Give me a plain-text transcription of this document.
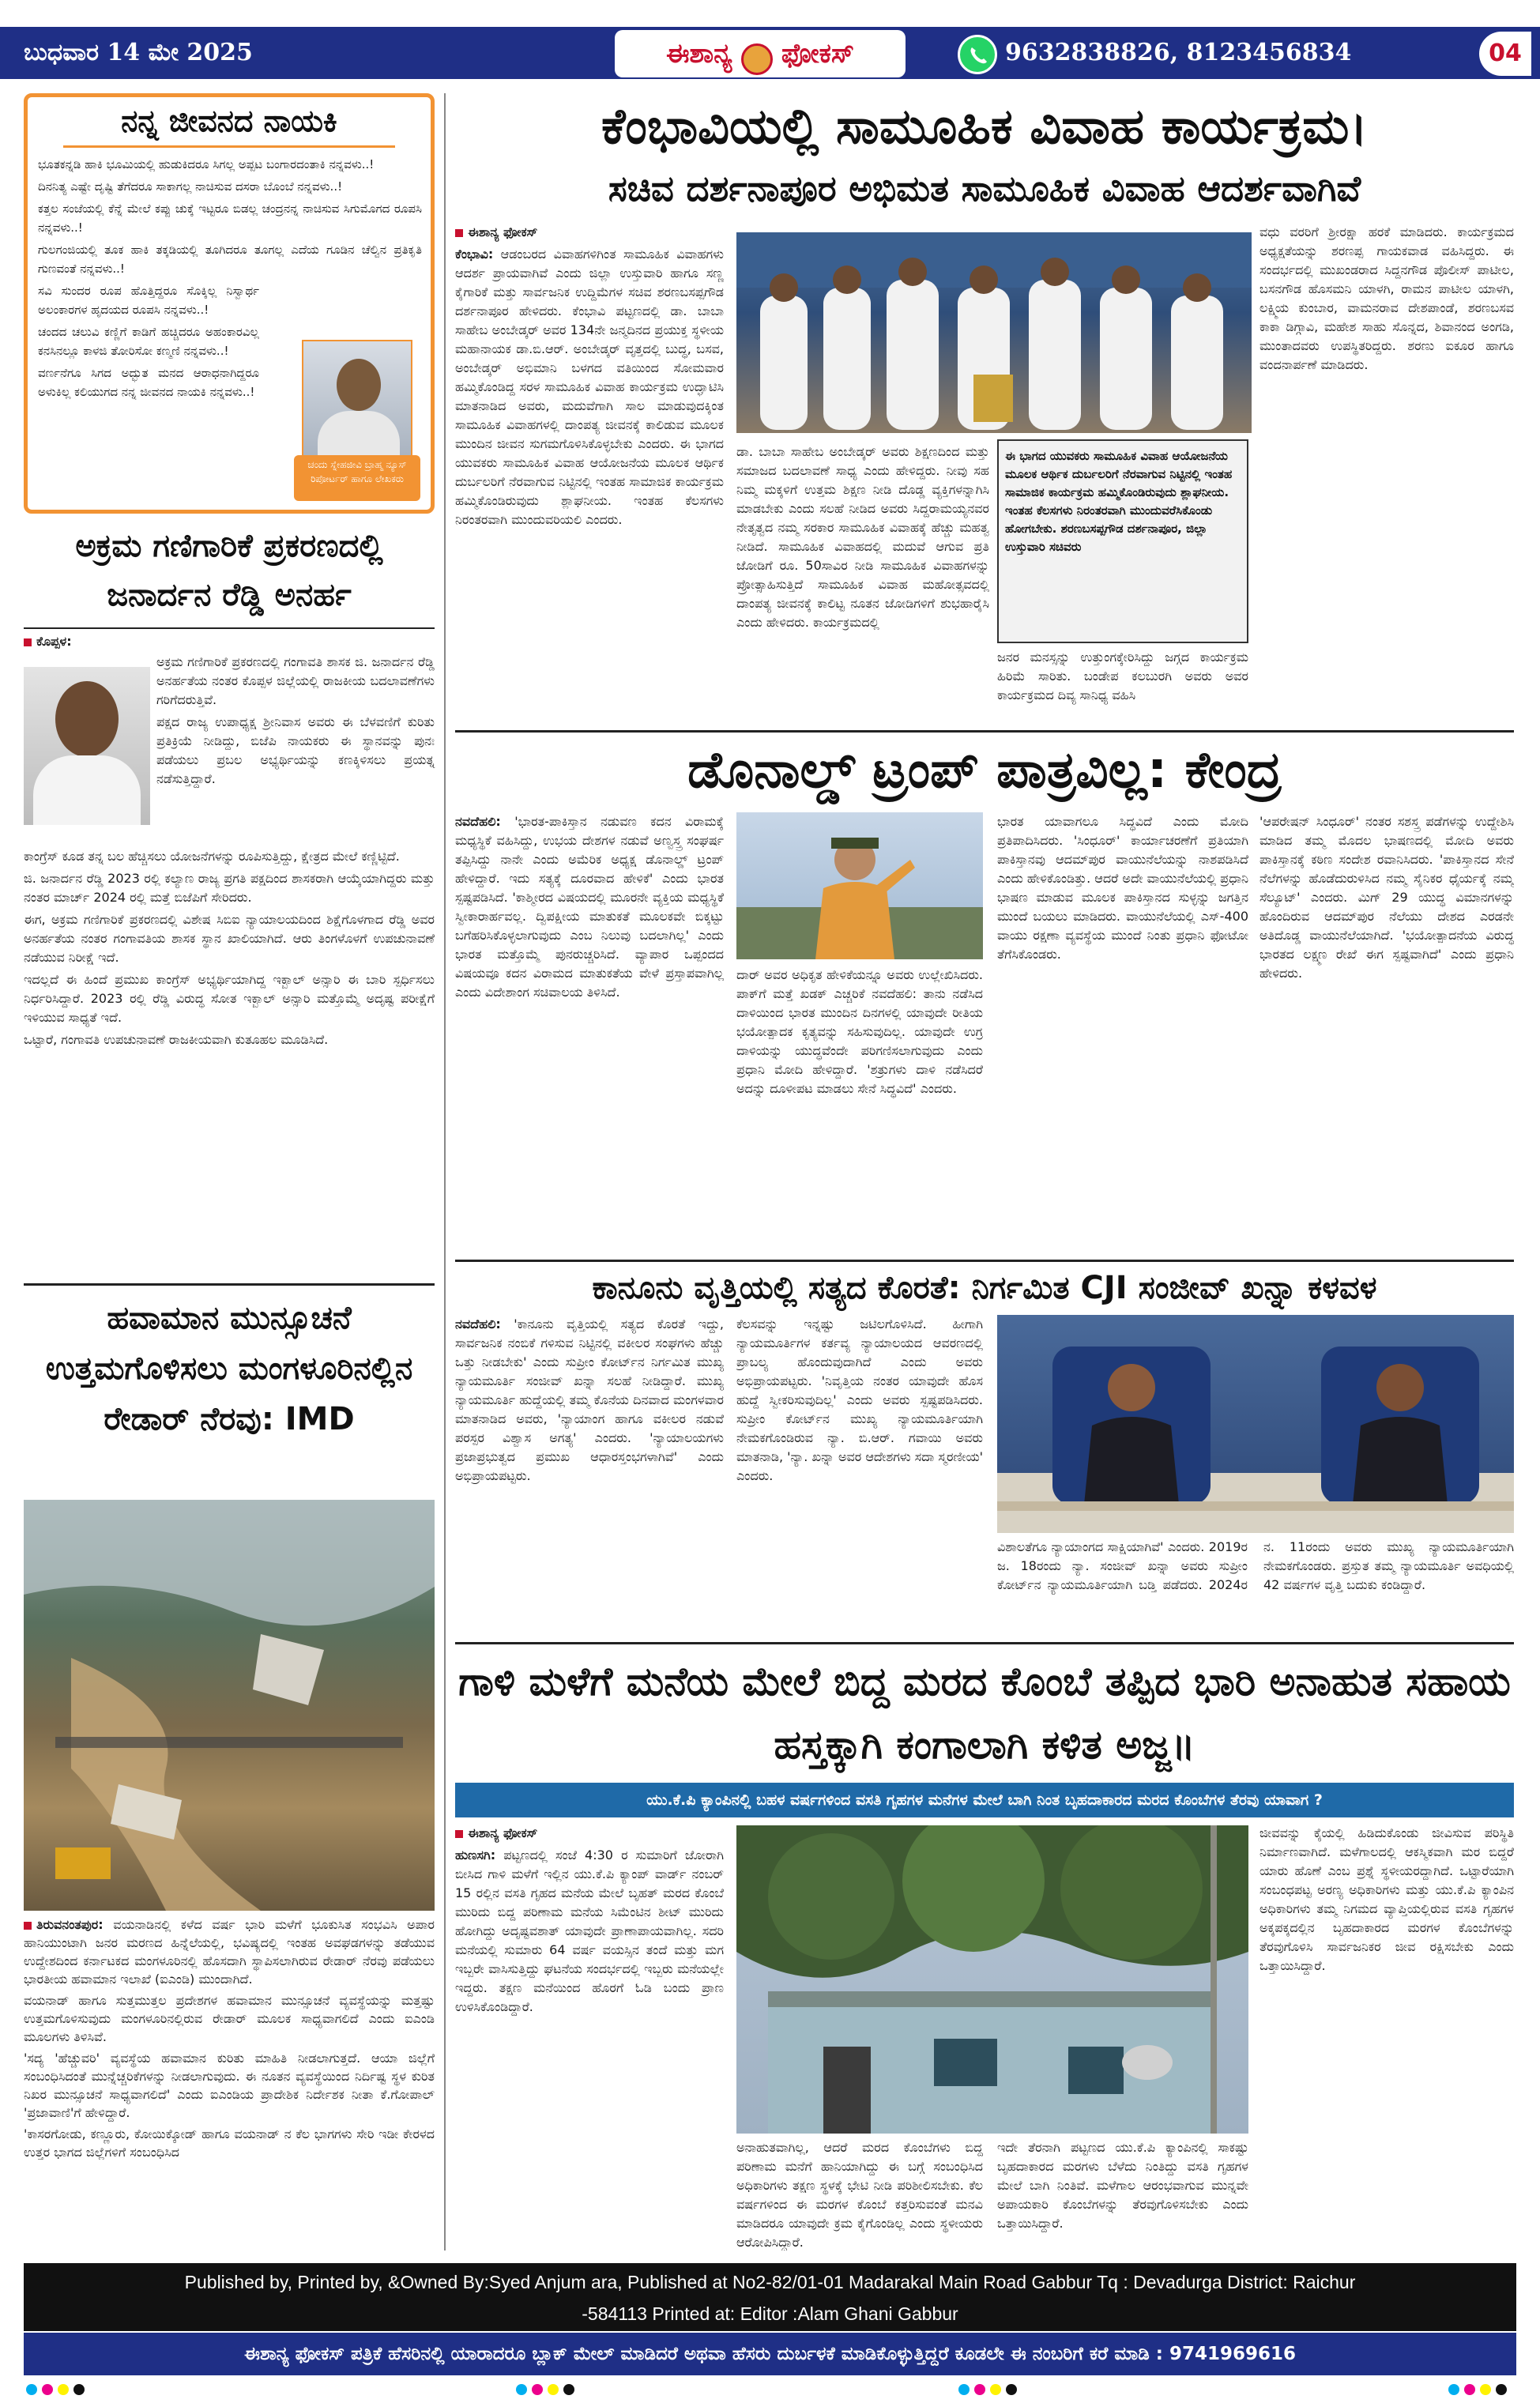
ಬುಧವಾರ 14 ಮೇ 2025	ಈಶಾನ್ಯ ಫೋಕಸ್	9632838826, 8123456834	04
ನನ್ನ ಜೀವನದ ನಾಯಕಿ

ಭೂತಕನ್ನಡಿ ಹಾಕಿ ಭೂಮಿಯಲ್ಲಿ ಹುಡುಕಿದರೂ ಸಿಗಲ್ಲ ಅಪ್ಪಟ ಬಂಗಾರದಂತಾಕಿ ನನ್ನವಳು..!

ದಿನನಿತ್ಯ ಎಷ್ಟೇ ದೃಷ್ಟಿ ತೆಗೆದರೂ ಸಾಕಾಗಲ್ಲ ನಾಚಿಸುವ ದಸರಾ ಬೊಂಬೆ ನನ್ನವಳು..!

ಕತ್ತಲ ಸಂಜೆಯಲ್ಲಿ ಕೆನ್ನೆ ಮೇಲೆ ಕಪ್ಪು ಚುಕ್ಕೆ ಇಟ್ಟರೂ ಬಿಡಲ್ಲ ಚಂದ್ರನನ್ನ ನಾಚಿಸುವ ಸಿಗುಮೊಗದ ರೂಪಸಿ ನನ್ನವಳು..!

ಗುಲಗಂಜಿಯಲ್ಲಿ ತೂಕ ಹಾಕಿ ತಕ್ಕಡಿಯಲ್ಲಿ ತೂಗಿದರೂ ತೂಗಲ್ಲ ಎದೆಯ ಗೂಡಿನ ಚೆಲ್ವಿನ ಪ್ರತಿಕೃತಿ ಗುಣವಂತೆ ನನ್ನವಳು..!

ಸವಿ ಸುಂದರ ರೂಪ ಹೊತ್ತಿದ್ದರೂ ಸೊಕ್ಕಿಲ್ಲ ನಿಸ್ವಾರ್ಥ ಅಲಂಕಾರಗಳ ಹೃದಯದ ರೂಪಸಿ ನನ್ನವಳು..!

ಚಂದದ ಚಲುವಿ ಕಣ್ಣಿಗೆ ಕಾಡಿಗೆ ಹಚ್ಚಿದರೂ ಅಹಂಕಾರವಿಲ್ಲ ಕನಸಿನಲ್ಲೂ ಕಾಳಜಿ ತೋರಿಸೋ ಕಣ್ಮಣಿ ನನ್ನವಳು..!

ವರ್ಣನೆಗೂ ಸಿಗದ ಅದ್ಭುತ ಮನದ ಆರಾಧನಾಗಿದ್ದರೂ ಅಳುಕಿಲ್ಲ ಕಲಿಯುಗದ ನನ್ನ ಜೀವನದ ನಾಯಕಿ ನನ್ನವಳು..!

ಚಂದು ಸ್ನೇಹಜೀವಿ ಬ್ರಾಹ್ಮ ನ್ಯೂಸ್ ರಿಪೋರ್ಟರ್ ಹಾಗೂ ಲೇಖಕರು
ಅಕ್ರಮ ಗಣಿಗಾರಿಕೆ ಪ್ರಕರಣದಲ್ಲಿ ಜನಾರ್ದನ ರೆಡ್ಡಿ ಅನರ್ಹ
ಕೊಪ್ಪಳ:

ಅಕ್ರಮ ಗಣಿಗಾರಿಕೆ ಪ್ರಕರಣದಲ್ಲಿ ಗಂಗಾವತಿ ಶಾಸಕ ಜಿ. ಜನಾರ್ದನ ರೆಡ್ಡಿ ಅನರ್ಹತೆಯ ನಂತರ ಕೊಪ್ಪಳ ಜಿಲ್ಲೆಯಲ್ಲಿ ರಾಜಕೀಯ ಬದಲಾವಣೆಗಳು ಗರಿಗೆದರುತ್ತಿವೆ.

ಪಕ್ಷದ ರಾಜ್ಯ ಉಪಾಧ್ಯಕ್ಷ ಶ್ರೀನಿವಾಸ ಅವರು ಈ ಬೆಳವಣಿಗೆ ಕುರಿತು ಪ್ರತಿಕ್ರಿಯೆ ನೀಡಿದ್ದು, ಬಿಜೆಪಿ ನಾಯಕರು ಈ ಸ್ಥಾನವನ್ನು ಪುನಃ ಪಡೆಯಲು ಪ್ರಬಲ ಅಭ್ಯರ್ಥಿಯನ್ನು ಕಣಕ್ಕಿಳಿಸಲು ಪ್ರಯತ್ನ ನಡೆಸುತ್ತಿದ್ದಾರೆ.

ಕಾಂಗ್ರೆಸ್ ಕೂಡ ತನ್ನ ಬಲ ಹೆಚ್ಚಿಸಲು ಯೋಜನೆಗಳನ್ನು ರೂಪಿಸುತ್ತಿದ್ದು, ಕ್ಷೇತ್ರದ ಮೇಲೆ ಕಣ್ಣಿಟ್ಟಿದೆ.

ಜಿ. ಜನಾರ್ದನ ರೆಡ್ಡಿ 2023 ರಲ್ಲಿ ಕಲ್ಯಾಣ ರಾಜ್ಯ ಪ್ರಗತಿ ಪಕ್ಷದಿಂದ ಶಾಸಕರಾಗಿ ಆಯ್ಕೆಯಾಗಿದ್ದರು ಮತ್ತು ನಂತರ ಮಾರ್ಚ್ 2024 ರಲ್ಲಿ ಮತ್ತೆ ಬಿಜೆಪಿಗೆ ಸೇರಿದರು.

ಈಗ, ಅಕ್ರಮ ಗಣಿಗಾರಿಕೆ ಪ್ರಕರಣದಲ್ಲಿ ವಿಶೇಷ ಸಿಬಿಐ ನ್ಯಾಯಾಲಯದಿಂದ ಶಿಕ್ಷೆಗೊಳಗಾದ ರೆಡ್ಡಿ ಅವರ ಅನರ್ಹತೆಯ ನಂತರ ಗಂಗಾವತಿಯ ಶಾಸಕ ಸ್ಥಾನ ಖಾಲಿಯಾಗಿದೆ. ಆರು ತಿಂಗಳೊಳಗೆ ಉಪಚುನಾವಣೆ ನಡೆಯುವ ನಿರೀಕ್ಷೆ ಇದೆ.

ಇದಲ್ಲದೆ ಈ ಹಿಂದೆ ಪ್ರಮುಖ ಕಾಂಗ್ರೆಸ್ ಅಭ್ಯರ್ಥಿಯಾಗಿದ್ದ ಇಕ್ಬಾಲ್ ಅನ್ಸಾರಿ ಈ ಬಾರಿ ಸ್ಪರ್ಧಿಸಲು ನಿರ್ಧರಿಸಿದ್ದಾರೆ. 2023 ರಲ್ಲಿ ರೆಡ್ಡಿ ವಿರುದ್ಧ ಸೋತ ಇಕ್ಬಾಲ್ ಅನ್ಸಾರಿ ಮತ್ತೊಮ್ಮೆ ಅದೃಷ್ಟ ಪರೀಕ್ಷೆಗೆ ಇಳಿಯುವ ಸಾಧ್ಯತೆ ಇದೆ.

ಒಟ್ಟಾರೆ, ಗಂಗಾವತಿ ಉಪಚುನಾವಣೆ ರಾಜಕೀಯವಾಗಿ ಕುತೂಹಲ ಮೂಡಿಸಿದೆ.

ಹವಾಮಾನ ಮುನ್ಸೂಚನೆ ಉತ್ತಮಗೊಳಿಸಲು ಮಂಗಳೂರಿನಲ್ಲಿನ ರೇಡಾರ್ ನೆರವು: IMD

ತಿರುವನಂತಪುರ: ವಯನಾಡಿನಲ್ಲಿ ಕಳೆದ ವರ್ಷ ಭಾರಿ ಮಳೆಗೆ ಭೂಕುಸಿತ ಸಂಭವಿಸಿ ಅಪಾರ ಹಾನಿಯುಂಟಾಗಿ ಜನರ ಮರಣದ ಹಿನ್ನೆಲೆಯಲ್ಲಿ, ಭವಿಷ್ಯದಲ್ಲಿ ಇಂತಹ ಅವಘಡಗಳನ್ನು ತಡೆಯುವ ಉದ್ದೇಶದಿಂದ ಕರ್ನಾಟಕದ ಮಂಗಳೂರಿನಲ್ಲಿ ಹೊಸದಾಗಿ ಸ್ಥಾಪಿಸಲಾಗಿರುವ ರೇಡಾರ್ ನೆರವು ಪಡೆಯಲು ಭಾರತೀಯ ಹವಾಮಾನ ಇಲಾಖೆ (ಐಎಂಡಿ) ಮುಂದಾಗಿದೆ.

ವಯನಾಡ್ ಹಾಗೂ ಸುತ್ತಮುತ್ತಲ ಪ್ರದೇಶಗಳ ಹವಾಮಾನ ಮುನ್ಸೂಚನೆ ವ್ಯವಸ್ಥೆಯನ್ನು ಮತ್ತಷ್ಟು ಉತ್ತಮಗೊಳಿಸುವುದು ಮಂಗಳೂರಿನಲ್ಲಿರುವ ರೇಡಾರ್ ಮೂಲಕ ಸಾಧ್ಯವಾಗಲಿದೆ ಎಂದು ಐಎಂಡಿ ಮೂಲಗಳು ತಿಳಿಸಿವೆ.

'ಸದ್ಯ 'ಹೆಚ್ಚುವರಿ' ವ್ಯವಸ್ಥೆಯ ಹವಾಮಾನ ಕುರಿತು ಮಾಹಿತಿ ನೀಡಲಾಗುತ್ತದೆ. ಆಯಾ ಜಿಲ್ಲೆಗೆ ಸಂಬಂಧಿಸಿದಂತೆ ಮುನ್ನೆಚ್ಚರಿಕೆಗಳನ್ನು ನೀಡಲಾಗುವುದು. ಈ ನೂತನ ವ್ಯವಸ್ಥೆಯಿಂದ ನಿರ್ದಿಷ್ಟ ಸ್ಥಳ ಕುರಿತ ನಿಖರ ಮುನ್ಸೂಚನೆ ಸಾಧ್ಯವಾಗಲಿದೆ' ಎಂದು ಐಎಂಡಿಯ ಪ್ರಾದೇಶಿಕ ನಿರ್ದೇಶಕ ನೀತಾ ಕೆ.ಗೋಪಾಲ್ 'ಪ್ರಜಾವಾಣಿ'ಗೆ ಹೇಳಿದ್ದಾರೆ.

'ಕಾಸರಗೋಡು, ಕಣ್ಣೂರು, ಕೋಯಿಕ್ಕೋಡ್ ಹಾಗೂ ವಯನಾಡ್ ನ ಕೆಲ ಭಾಗಗಳು ಸೇರಿ ಇಡೀ ಕೇರಳದ ಉತ್ತರ ಭಾಗದ ಜಿಲ್ಲೆಗಳಿಗೆ ಸಂಬಂಧಿಸಿದ

ಕೆಂಭಾವಿಯಲ್ಲಿ ಸಾಮೂಹಿಕ ವಿವಾಹ ಕಾರ್ಯಕ್ರಮ।
ಸಚಿವ ದರ್ಶನಾಪೂರ ಅಭಿಮತ ಸಾಮೂಹಿಕ ವಿವಾಹ ಆದರ್ಶವಾಗಿವೆ

ಈಶಾನ್ಯ ಫೋಕಸ್

ಕೆಂಭಾವಿ: ಆಡಂಬರದ ವಿವಾಹಗಳಿಗಿಂತ ಸಾಮೂಹಿಕ ವಿವಾಹಗಳು ಆದರ್ಶ ಪ್ರಾಯವಾಗಿವೆ ಎಂದು ಜಿಲ್ಲಾ ಉಸ್ತುವಾರಿ ಹಾಗೂ ಸಣ್ಣ ಕೈಗಾರಿಕೆ ಮತ್ತು ಸಾರ್ವಜನಿಕ ಉದ್ದಿಮೆಗಳ ಸಚಿವ ಶರಣಬಸಪ್ಪಗೌಡ ದರ್ಶನಾಪೂರ ಹೇಳಿದರು. ಕೆಂಭಾವಿ ಪಟ್ಟಣದಲ್ಲಿ ಡಾ. ಬಾಬಾ ಸಾಹೇಬ ಅಂಬೇಡ್ಕರ್ ಅವರ 134ನೇ ಜನ್ಮದಿನದ ಪ್ರಯುಕ್ತ ಸ್ಥಳೀಯ ಮಹಾನಾಯಕ ಡಾ.ಬಿ.ಆರ್. ಅಂಬೇಡ್ಕರ್ ವೃತ್ತದಲ್ಲಿ ಬುದ್ಧ, ಬಸವ, ಅಂಬೇಡ್ಕರ್ ಅಭಿಮಾನಿ ಬಳಗದ ವತಿಯಿಂದ ಸೋಮವಾರ ಹಮ್ಮಿಕೊಂಡಿದ್ದ ಸರಳ ಸಾಮೂಹಿಕ ವಿವಾಹ ಕಾರ್ಯಕ್ರಮ ಉದ್ಘಾಟಿಸಿ ಮಾತನಾಡಿದ ಅವರು, ಮದುವೆಗಾಗಿ ಸಾಲ ಮಾಡುವುದಕ್ಕಿಂತ ಸಾಮೂಹಿಕ ವಿವಾಹಗಳಲ್ಲಿ ದಾಂಪತ್ಯ ಜೀವನಕ್ಕೆ ಕಾಲಿಡುವ ಮೂಲಕ ಮುಂದಿನ ಜೀವನ ಸುಗಮಗೊಳಿಸಿಕೊಳ್ಳಬೇಕು ಎಂದರು. ಈ ಭಾಗದ ಯುವಕರು ಸಾಮೂಹಿಕ ವಿವಾಹ ಆಯೋಜನೆಯ ಮೂಲಕ ಆರ್ಥಿಕ ದುರ್ಬಲರಿಗೆ ನೆರವಾಗುವ ನಿಟ್ಟಿನಲ್ಲಿ ಇಂತಹ ಸಾಮಾಜಿಕ ಕಾರ್ಯಕ್ರಮ ಹಮ್ಮಿಕೊಂಡಿರುವುದು ಶ್ಲಾಘನೀಯ. ಇಂತಹ ಕೆಲಸಗಳು ನಿರಂತರವಾಗಿ ಮುಂದುವರಿಯಲಿ ಎಂದರು.

ಡಾ. ಬಾಬಾ ಸಾಹೇಬ ಅಂಬೇಡ್ಕರ್ ಅವರು ಶಿಕ್ಷಣದಿಂದ ಮತ್ತು ಸಮಾಜದ ಬದಲಾವಣೆ ಸಾಧ್ಯ ಎಂದು ಹೇಳಿದ್ದರು. ನೀವು ಸಹ ನಿಮ್ಮ ಮಕ್ಕಳಿಗೆ ಉತ್ತಮ ಶಿಕ್ಷಣ ನೀಡಿ ದೊಡ್ಡ ವ್ಯಕ್ತಿಗಳನ್ನಾಗಿಸಿ ಮಾಡಬೇಕು ಎಂದು ಸಲಹೆ ನೀಡಿದ ಅವರು ಸಿದ್ದರಾಮಯ್ಯನವರ ನೇತೃತ್ವದ ನಮ್ಮ ಸರಕಾರ ಸಾಮೂಹಿಕ ವಿವಾಹಕ್ಕೆ ಹೆಚ್ಚು ಮಹತ್ವ ನೀಡಿದೆ. ಸಾಮೂಹಿಕ ವಿವಾಹದಲ್ಲಿ ಮದುವೆ ಆಗುವ ಪ್ರತಿ ಜೋಡಿಗೆ ರೂ. 50ಸಾವಿರ ನೀಡಿ ಸಾಮೂಹಿಕ ವಿವಾಹಗಳನ್ನು ಪ್ರೋತ್ಸಾಹಿಸುತ್ತಿದೆ ಸಾಮೂಹಿಕ ವಿವಾಹ ಮಹೋತ್ಸವದಲ್ಲಿ ದಾಂಪತ್ಯ ಜೀವನಕ್ಕೆ ಕಾಲಿಟ್ಟ ನೂತನ ಜೋಡಿಗಳಿಗೆ ಶುಭಹಾರೈಸಿ ಎಂದು ಹೇಳಿದರು. ಕಾರ್ಯಕ್ರಮದಲ್ಲಿ
ಈ ಭಾಗದ ಯುವಕರು ಸಾಮೂಹಿಕ ವಿವಾಹ ಆಯೋಜನೆಯ ಮೂಲಕ ಆರ್ಥಿಕ ದುರ್ಬಲರಿಗೆ ನೆರವಾಗುವ ನಿಟ್ಟಿನಲ್ಲಿ ಇಂತಹ ಸಾಮಾಜಿಕ ಕಾರ್ಯಕ್ರಮ ಹಮ್ಮಿಕೊಂಡಿರುವುದು ಶ್ಲಾಘನೀಯ. ಇಂತಹ ಕೆಲಸಗಳು ನಿರಂತರವಾಗಿ ಮುಂದುವರೆಸಿಕೊಂಡು ಹೋಗಬೇಕು. ಶರಣಬಸಪ್ಪಗೌಡ ದರ್ಶನಾಪೂರ, ಜಿಲ್ಲಾ ಉಸ್ತುವಾರಿ ಸಚಿವರು
ಜನರ ಮನಸ್ಸನ್ನು ಉತ್ತುಂಗಕ್ಕೇರಿಸಿದ್ದು ಜಗ್ಗದ ಕಾರ್ಯಕ್ರಮ ಹಿರಿಮೆ ಸಾರಿತು. ಬಂಡೇಪ ಕಲಬುರಗಿ ಅವರು ಅವರ ಕಾರ್ಯಕ್ರಮದ ದಿವ್ಯ ಸಾನಿಧ್ಯ ವಹಿಸಿ
ವಧು ವರರಿಗೆ ಶ್ರೀರಕ್ಷಾ ಹರಕೆ ಮಾಡಿದರು. ಕಾರ್ಯಕ್ರಮದ ಅಧ್ಯಕ್ಷತೆಯನ್ನು ಶರಣಪ್ಪ ಗಾಯಕವಾಡ ವಹಿಸಿದ್ದರು. ಈ ಸಂದರ್ಭದಲ್ಲಿ ಮುಖಂಡರಾದ ಸಿದ್ದನಗೌಡ ಪೊಲೀಸ್ ಪಾಟೀಲ, ಬಸನಗೌಡ ಹೊಸಮನಿ ಯಾಳಗಿ, ರಾಮನ ಪಾಟೀಲ ಯಾಳಗಿ, ಲಕ್ಷ್ಮಿಯ ಕುಂಬಾರ, ವಾಮನರಾವ ದೇಶಪಾಂಡೆ, ಶರಣಬಸವ ಕಾಕಾ ಡಿಗ್ಗಾವಿ, ಮಹೇಶ ಸಾಹು ಸೊನ್ನದ, ಶಿವಾನಂದ ಅಂಗಡಿ, ಮುಂತಾದವರು ಉಪಸ್ಥಿತರಿದ್ದರು. ಶರಣು ಐಕೂರ ಹಾಗೂ ವಂದನಾರ್ಪಣೆ ಮಾಡಿದರು.
ಡೊನಾಲ್ಡ್ ಟ್ರಂಪ್ ಪಾತ್ರವಿಲ್ಲ: ಕೇಂದ್ರ
ನವದೆಹಲಿ: 'ಭಾರತ-ಪಾಕಿಸ್ತಾನ ನಡುವಣ ಕದನ ವಿರಾಮಕ್ಕೆ ಮಧ್ಯಸ್ಥಿಕೆ ವಹಿಸಿದ್ದು, ಉಭಯ ದೇಶಗಳ ನಡುವೆ ಅಣ್ವಸ್ತ್ರ ಸಂಘರ್ಷ ತಪ್ಪಿಸಿದ್ದು ನಾನೇ ಎಂದು ಅಮೆರಿಕ ಅಧ್ಯಕ್ಷ ಡೊನಾಲ್ಡ್ ಟ್ರಂಪ್ ಹೇಳಿದ್ದಾರೆ. ಇದು ಸತ್ಯಕ್ಕೆ ದೂರವಾದ ಹೇಳಿಕೆ' ಎಂದು ಭಾರತ ಸ್ಪಷ್ಟಪಡಿಸಿದೆ. 'ಕಾಶ್ಮೀರದ ವಿಷಯದಲ್ಲಿ ಮೂರನೇ ವ್ಯಕ್ತಿಯ ಮಧ್ಯಸ್ಥಿಕೆ ಸ್ವೀಕಾರಾರ್ಹವಲ್ಲ. ದ್ವಿಪಕ್ಷೀಯ ಮಾತುಕತೆ ಮೂಲಕವೇ ಬಿಕ್ಕಟ್ಟು ಬಗೆಹರಿಸಿಕೊಳ್ಳಲಾಗುವುದು ಎಂಬ ನಿಲುವು ಬದಲಾಗಿಲ್ಲ' ಎಂದು ಭಾರತ ಮತ್ತೊಮ್ಮೆ ಪುನರುಚ್ಚರಿಸಿದೆ. ವ್ಯಾಪಾರ ಒಪ್ಪಂದದ ವಿಷಯವೂ ಕದನ ವಿರಾಮದ ಮಾತುಕತೆಯ ವೇಳೆ ಪ್ರಸ್ತಾಪವಾಗಿಲ್ಲ ಎಂದು ವಿದೇಶಾಂಗ ಸಚಿವಾಲಯ ತಿಳಿಸಿದೆ.
ದಾರ್ ಅವರ ಅಧಿಕೃತ ಹೇಳಿಕೆಯನ್ನೂ ಅವರು ಉಲ್ಲೇಖಿಸಿದರು. ಪಾಕ್‌ಗೆ ಮತ್ತೆ ಖಡಕ್ ಎಚ್ಚರಿಕೆ ನವದೆಹಲಿ: ತಾನು ನಡೆಸಿದ ದಾಳಿಯಿಂದ ಭಾರತ ಮುಂದಿನ ದಿನಗಳಲ್ಲಿ ಯಾವುದೇ ರೀತಿಯ ಭಯೋತ್ಪಾದಕ ಕೃತ್ಯವನ್ನು ಸಹಿಸುವುದಿಲ್ಲ. ಯಾವುದೇ ಉಗ್ರ ದಾಳಿಯನ್ನು ಯುದ್ಧವೆಂದೇ ಪರಿಗಣಿಸಲಾಗುವುದು ಎಂದು ಪ್ರಧಾನಿ ಮೋದಿ ಹೇಳಿದ್ದಾರೆ. 'ಶತ್ರುಗಳು ದಾಳಿ ನಡೆಸಿದರೆ ಅದನ್ನು ದೂಳೀಪಟ ಮಾಡಲು ಸೇನೆ ಸಿದ್ಧವಿದೆ' ಎಂದರು.
ಭಾರತ ಯಾವಾಗಲೂ ಸಿದ್ಧವಿದೆ ಎಂದು ಮೋದಿ ಪ್ರತಿಪಾದಿಸಿದರು. 'ಸಿಂಧೂರ್' ಕಾರ್ಯಾಚರಣೆಗೆ ಪ್ರತಿಯಾಗಿ ಪಾಕಿಸ್ತಾನವು ಆದಮ್‌ಪುರ ವಾಯುನೆಲೆಯನ್ನು ನಾಶಪಡಿಸಿದೆ ಎಂದು ಹೇಳಿಕೊಂಡಿತ್ತು. ಆದರೆ ಅದೇ ವಾಯುನೆಲೆಯಲ್ಲಿ ಪ್ರಧಾನಿ ಭಾಷಣ ಮಾಡುವ ಮೂಲಕ ಪಾಕಿಸ್ತಾನದ ಸುಳ್ಳನ್ನು ಜಗತ್ತಿನ ಮುಂದೆ ಬಯಲು ಮಾಡಿದರು. ವಾಯುನೆಲೆಯಲ್ಲಿ ಎಸ್-400 ವಾಯು ರಕ್ಷಣಾ ವ್ಯವಸ್ಥೆಯ ಮುಂದೆ ನಿಂತು ಪ್ರಧಾನಿ ಫೋಟೋ ತೆಗೆಸಿಕೊಂಡರು.
'ಆಪರೇಷನ್ ಸಿಂಧೂರ್' ನಂತರ ಸಶಸ್ತ್ರ ಪಡೆಗಳನ್ನು ಉದ್ದೇಶಿಸಿ ಮಾಡಿದ ತಮ್ಮ ಮೊದಲ ಭಾಷಣದಲ್ಲಿ ಮೋದಿ ಅವರು ಪಾಕಿಸ್ತಾನಕ್ಕೆ ಕಠಿಣ ಸಂದೇಶ ರವಾನಿಸಿದರು. 'ಪಾಕಿಸ್ತಾನದ ಸೇನೆ ನೆಲೆಗಳನ್ನು ಹೊಡೆದುರುಳಿಸಿದ ನಮ್ಮ ಸೈನಿಕರ ಧೈರ್ಯಕ್ಕೆ ನಮ್ಮ ಸೆಲ್ಯೂಟ್' ಎಂದರು. ಮಿಗ್ 29 ಯುದ್ಧ ವಿಮಾನಗಳನ್ನು ಹೊಂದಿರುವ ಆದಮ್‌ಪುರ ನೆಲೆಯು ದೇಶದ ಎರಡನೇ ಅತಿದೊಡ್ಡ ವಾಯುನೆಲೆಯಾಗಿದೆ. 'ಭಯೋತ್ಪಾದನೆಯ ವಿರುದ್ಧ ಭಾರತದ ಲಕ್ಷ್ಮಣ ರೇಖೆ ಈಗ ಸ್ಪಷ್ಟವಾಗಿದೆ' ಎಂದು ಪ್ರಧಾನಿ ಹೇಳಿದರು.
ಕಾನೂನು ವೃತ್ತಿಯಲ್ಲಿ ಸತ್ಯದ ಕೊರತೆ: ನಿರ್ಗಮಿತ CJI ಸಂಜೀವ್ ಖನ್ನಾ ಕಳವಳ
ನವದೆಹಲಿ: 'ಕಾನೂನು ವೃತ್ತಿಯಲ್ಲಿ ಸತ್ಯದ ಕೊರತೆ ಇದ್ದು, ಸಾರ್ವಜನಿಕ ನಂಬಿಕೆ ಗಳಿಸುವ ನಿಟ್ಟಿನಲ್ಲಿ ವಕೀಲರ ಸಂಘಗಳು ಹೆಚ್ಚು ಒತ್ತು ನೀಡಬೇಕು' ಎಂದು ಸುಪ್ರೀಂ ಕೋರ್ಟ್‌ನ ನಿರ್ಗಮಿತ ಮುಖ್ಯ ನ್ಯಾಯಮೂರ್ತಿ ಸಂಜೀವ್ ಖನ್ನಾ ಸಲಹೆ ನೀಡಿದ್ದಾರೆ. ಮುಖ್ಯ ನ್ಯಾಯಮೂರ್ತಿ ಹುದ್ದೆಯಲ್ಲಿ ತಮ್ಮ ಕೊನೆಯ ದಿನವಾದ ಮಂಗಳವಾರ ಮಾತನಾಡಿದ ಅವರು, 'ನ್ಯಾಯಾಂಗ ಹಾಗೂ ವಕೀಲರ ನಡುವೆ ಪರಸ್ಪರ ವಿಶ್ವಾಸ ಅಗತ್ಯ' ಎಂದರು. 'ನ್ಯಾಯಾಲಯಗಳು ಪ್ರಜಾಪ್ರಭುತ್ವದ ಪ್ರಮುಖ ಆಧಾರಸ್ತಂಭಗಳಾಗಿವೆ' ಎಂದು ಅಭಿಪ್ರಾಯಪಟ್ಟರು.
ಕೆಲಸವನ್ನು ಇನ್ನಷ್ಟು ಜಟಿಲಗೊಳಿಸಿದೆ. ಹೀಗಾಗಿ ನ್ಯಾಯಮೂರ್ತಿಗಳ ಕರ್ತವ್ಯ ನ್ಯಾಯಾಲಯದ ಆವರಣದಲ್ಲಿ ಪ್ರಾಬಲ್ಯ ಹೊಂದುವುದಾಗಿದೆ ಎಂದು ಅವರು ಅಭಿಪ್ರಾಯಪಟ್ಟರು. 'ನಿವೃತ್ತಿಯ ನಂತರ ಯಾವುದೇ ಹೊಸ ಹುದ್ದೆ ಸ್ವೀಕರಿಸುವುದಿಲ್ಲ' ಎಂದು ಅವರು ಸ್ಪಷ್ಟಪಡಿಸಿದರು. ಸುಪ್ರೀಂ ಕೋರ್ಟ್‌ನ ಮುಖ್ಯ ನ್ಯಾಯಮೂರ್ತಿಯಾಗಿ ನೇಮಕಗೊಂಡಿರುವ ನ್ಯಾ. ಬಿ.ಆರ್. ಗವಾಯಿ ಅವರು ಮಾತನಾಡಿ, 'ನ್ಯಾ. ಖನ್ನಾ ಅವರ ಆದೇಶಗಳು ಸದಾ ಸ್ಮರಣೀಯ' ಎಂದರು.
ವಿಶಾಲತೆಗೂ ನ್ಯಾಯಾಂಗದ ಸಾಕ್ಷಿಯಾಗಿವೆ' ಎಂದರು. 2019ರ ಜ. 18ರಂದು ನ್ಯಾ. ಸಂಜೀವ್ ಖನ್ನಾ ಅವರು ಸುಪ್ರೀಂ ಕೋರ್ಟ್‌ನ ನ್ಯಾಯಮೂರ್ತಿಯಾಗಿ ಬಡ್ತಿ ಪಡೆದರು. 2024ರ ನ. 11ರಂದು ಅವರು ಮುಖ್ಯ ನ್ಯಾಯಮೂರ್ತಿಯಾಗಿ ನೇಮಕಗೊಂಡರು. ಪ್ರಸ್ತುತ ತಮ್ಮ ನ್ಯಾಯಮೂರ್ತಿ ಅವಧಿಯಲ್ಲಿ 42 ವರ್ಷಗಳ ವೃತ್ತಿ ಬದುಕು ಕಂಡಿದ್ದಾರೆ.
ಗಾಳಿ ಮಳೆಗೆ ಮನೆಯ ಮೇಲೆ ಬಿದ್ದ ಮರದ ಕೊಂಬೆ ತಪ್ಪಿದ ಭಾರಿ ಅನಾಹುತ ಸಹಾಯ ಹಸ್ತಕ್ಕಾಗಿ ಕಂಗಾಲಾಗಿ ಕಳಿತ ಅಜ್ಜ॥
ಯು.ಕೆ.ಪಿ ಕ್ಯಾಂಪಿನಲ್ಲಿ ಬಹಳ ವರ್ಷಗಳಿಂದ ವಸತಿ ಗೃಹಗಳ ಮನೆಗಳ ಮೇಲೆ ಬಾಗಿ ನಿಂತ ಬೃಹದಾಕಾರದ ಮರದ ಕೊಂಬೆಗಳ ತೆರವು ಯಾವಾಗ ?

ಈಶಾನ್ಯ ಫೋಕಸ್

ಹುಣಸಗಿ: ಪಟ್ಟಣದಲ್ಲಿ ಸಂಜೆ 4:30 ರ ಸುಮಾರಿಗೆ ಜೋರಾಗಿ ಬೀಸಿದ ಗಾಳಿ ಮಳೆಗೆ ಇಲ್ಲಿನ ಯು.ಕೆ.ಪಿ ಕ್ಯಾಂಪ್ ವಾರ್ಡ್ ನಂಬರ್ 15 ರಲ್ಲಿನ ವಸತಿ ಗೃಹದ ಮನೆಯ ಮೇಲೆ ಬೃಹತ್ ಮರದ ಕೊಂಬೆ ಮುರಿದು ಬಿದ್ದ ಪರಿಣಾಮ ಮನೆಯ ಸಿಮೆಂಟಿನ ಶೀಟ್ ಮುರಿದು ಹೋಗಿದ್ದು ಅದೃಷ್ಟವಶಾತ್ ಯಾವುದೇ ಪ್ರಾಣಾಪಾಯವಾಗಿಲ್ಲ. ಸದರಿ ಮನೆಯಲ್ಲಿ ಸುಮಾರು 64 ವರ್ಷ ವಯಸ್ಸಿನ ತಂದೆ ಮತ್ತು ಮಗ ಇಬ್ಬರೇ ವಾಸಿಸುತ್ತಿದ್ದು ಘಟನೆಯ ಸಂದರ್ಭದಲ್ಲಿ ಇಬ್ಬರು ಮನೆಯಲ್ಲೇ ಇದ್ದರು. ತಕ್ಷಣ ಮನೆಯಿಂದ ಹೊರಗೆ ಓಡಿ ಬಂದು ಪ್ರಾಣ ಉಳಿಸಿಕೊಂಡಿದ್ದಾರೆ.

ಅನಾಹುತವಾಗಿಲ್ಲ, ಆದರೆ ಮರದ ಕೊಂಬೆಗಳು ಬಿದ್ದ ಪರಿಣಾಮ ಮನೆಗೆ ಹಾನಿಯಾಗಿದ್ದು ಈ ಬಗ್ಗೆ ಸಂಬಂಧಿಸಿದ ಅಧಿಕಾರಿಗಳು ತಕ್ಷಣ ಸ್ಥಳಕ್ಕೆ ಭೇಟಿ ನೀಡಿ ಪರಿಶೀಲಿಸಬೇಕು. ಕೆಲ ವರ್ಷಗಳಿಂದ ಈ ಮರಗಳ ಕೊಂಬೆ ಕತ್ತರಿಸುವಂತೆ ಮನವಿ ಮಾಡಿದರೂ ಯಾವುದೇ ಕ್ರಮ ಕೈಗೊಂಡಿಲ್ಲ ಎಂದು ಸ್ಥಳೀಯರು ಆರೋಪಿಸಿದ್ದಾರೆ.
ಇದೇ ತೆರನಾಗಿ ಪಟ್ಟಣದ ಯು.ಕೆ.ಪಿ ಕ್ಯಾಂಪಿನಲ್ಲಿ ಸಾಕಷ್ಟು ಬೃಹದಾಕಾರದ ಮರಗಳು ಬೆಳೆದು ನಿಂತಿದ್ದು ವಸತಿ ಗೃಹಗಳ ಮೇಲೆ ಬಾಗಿ ನಿಂತಿವೆ. ಮಳೆಗಾಲ ಆರಂಭವಾಗುವ ಮುನ್ನವೇ ಅಪಾಯಕಾರಿ ಕೊಂಬೆಗಳನ್ನು ತೆರವುಗೊಳಿಸಬೇಕು ಎಂದು ಒತ್ತಾಯಿಸಿದ್ದಾರೆ.
ಜೀವವನ್ನು ಕೈಯಲ್ಲಿ ಹಿಡಿದುಕೊಂಡು ಜೀವಿಸುವ ಪರಿಸ್ಥಿತಿ ನಿರ್ಮಾಣವಾಗಿದೆ. ಮಳೆಗಾಲದಲ್ಲಿ ಆಕಸ್ಮಿಕವಾಗಿ ಮರ ಬಿದ್ದರೆ ಯಾರು ಹೊಣೆ ಎಂಬ ಪ್ರಶ್ನೆ ಸ್ಥಳೀಯರದ್ದಾಗಿದೆ. ಒಟ್ಟಾರೆಯಾಗಿ ಸಂಬಂಧಪಟ್ಟ ಅರಣ್ಯ ಅಧಿಕಾರಿಗಳು ಮತ್ತು ಯು.ಕೆ.ಪಿ ಕ್ಯಾಂಪಿನ ಅಧಿಕಾರಿಗಳು ತಮ್ಮ ನಿಗಮದ ವ್ಯಾಪ್ತಿಯಲ್ಲಿರುವ ವಸತಿ ಗೃಹಗಳ ಅಕ್ಕಪಕ್ಕದಲ್ಲಿನ ಬೃಹದಾಕಾರದ ಮರಗಳ ಕೊಂಬೆಗಳನ್ನು ತೆರವುಗೊಳಿಸಿ ಸಾರ್ವಜನಿಕರ ಜೀವ ರಕ್ಷಿಸಬೇಕು ಎಂದು ಒತ್ತಾಯಿಸಿದ್ದಾರೆ.
Published by, Printed by, &Owned By:Syed Anjum ara, Published at No2-82/01-01 Madarakal Main Road Gabbur Tq : Devadurga District: Raichur
-584113 Printed at: Editor :Alam Ghani Gabbur
ಈಶಾನ್ಯ ಫೋಕಸ್ ಪತ್ರಿಕೆ ಹೆಸರಿನಲ್ಲಿ ಯಾರಾದರೂ ಬ್ಲಾಕ್ ಮೇಲ್ ಮಾಡಿದರೆ ಅಥವಾ ಹೆಸರು ದುರ್ಬಳಕೆ ಮಾಡಿಕೊಳ್ಳುತ್ತಿದ್ದರೆ ಕೂಡಲೇ ಈ ನಂಬರಿಗೆ ಕರೆ ಮಾಡಿ : 9741969616
